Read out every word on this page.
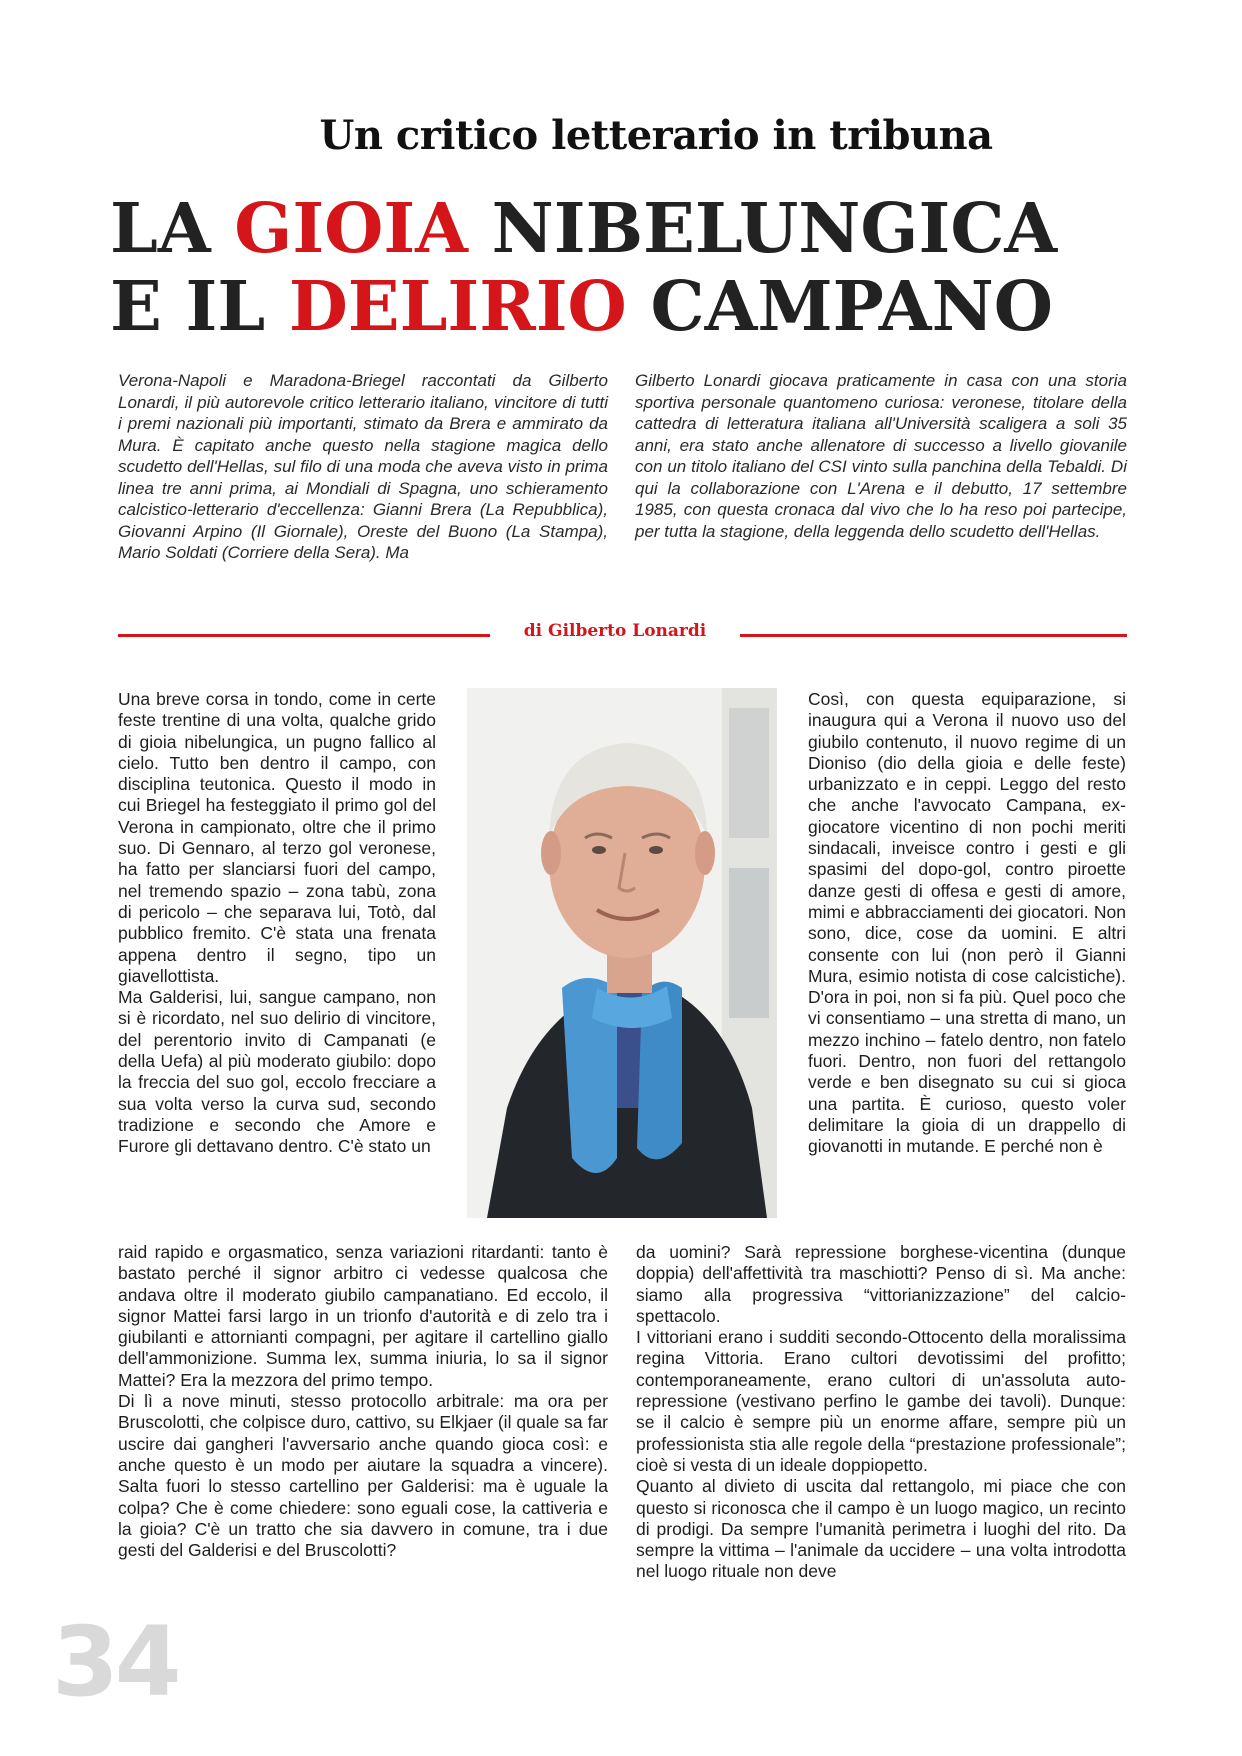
Un critico letterario in tribuna
LA GIOIA NIBELUNGICA
E IL DELIRIO CAMPANO
Verona-Napoli e Maradona-Briegel raccontati da Gilberto Lonardi, il più autorevole critico letterario italiano, vincitore di tutti i premi nazionali più importanti, stimato da Brera e ammirato da Mura. È capitato anche questo nella stagione magica dello scudetto dell'Hellas, sul filo di una moda che aveva visto in prima linea tre anni prima, ai Mondiali di Spagna, uno schieramento calcistico-letterario d'eccellenza: Gianni Brera (La Repubblica), Giovanni Arpino (Il Giornale), Oreste del Buono (La Stampa), Mario Soldati (Corriere della Sera). Ma
Gilberto Lonardi giocava praticamente in casa con una storia sportiva personale quantomeno curiosa: veronese, titolare della cattedra di letteratura italiana all'Università scaligera a soli 35 anni, era stato anche allenatore di successo a livello giovanile con un titolo italiano del CSI vinto sulla panchina della Tebaldi. Di qui la collaborazione con L'Arena e il debutto, 17 settembre 1985, con questa cronaca dal vivo che lo ha reso poi partecipe, per tutta la stagione, della leggenda dello scudetto dell'Hellas.
di Gilberto Lonardi

Una breve corsa in tondo, come in certe feste trentine di una volta, qualche grido di gioia nibelungica, un pugno fallico al cielo. Tutto ben dentro il campo, con disciplina teutonica. Questo il modo in cui Briegel ha festeggiato il primo gol del Verona in campionato, oltre che il primo suo. Di Gennaro, al terzo gol veronese, ha fatto per slanciarsi fuori del campo, nel tremendo spazio – zona tabù, zona di pericolo – che separava lui, Totò, dal pubblico fremito. C'è stata una frenata appena dentro il segno, tipo un giavellottista.

Ma Galderisi, lui, sangue campano, non si è ricordato, nel suo delirio di vincitore, del perentorio invito di Campanati (e della Uefa) al più moderato giubilo: dopo la freccia del suo gol, eccolo frecciare a sua volta verso la curva sud, secondo tradizione e secondo che Amore e Furore gli dettavano dentro. C'è stato un

raid rapido e orgasmatico, senza variazioni ritardanti: tanto è bastato perché il signor arbitro ci vedesse qualcosa che andava oltre il moderato giubilo campanatiano. Ed eccolo, il signor Mattei farsi largo in un trionfo d'autorità e di zelo tra i giubilanti e attornianti compagni, per agitare il cartellino giallo dell'ammonizione. Summa lex, summa iniuria, lo sa il signor Mattei? Era la mezzora del primo tempo.

Di lì a nove minuti, stesso protocollo arbitrale: ma ora per Bruscolotti, che colpisce duro, cattivo, su Elkjaer (il quale sa far uscire dai gangheri l'avversario anche quando gioca così: e anche questo è un modo per aiutare la squadra a vincere). Salta fuori lo stesso cartellino per Galderisi: ma è uguale la colpa? Che è come chiedere: sono eguali cose, la cattiveria e la gioia? C'è un tratto che sia davvero in comune, tra i due gesti del Galderisi e del Bruscolotti?

Così, con questa equiparazione, si inaugura qui a Verona il nuovo uso del giubilo contenuto, il nuovo regime di un Dioniso (dio della gioia e delle feste) urbanizzato e in ceppi. Leggo del resto che anche l'avvocato Campana, ex-giocatore vicentino di non pochi meriti sindacali, inveisce contro i gesti e gli spasimi del dopo-gol, contro piroette danze gesti di offesa e gesti di amore, mimi e abbracciamenti dei giocatori. Non sono, dice, cose da uomini. E altri consente con lui (non però il Gianni Mura, esimio notista di cose calcistiche). D'ora in poi, non si fa più. Quel poco che vi consentiamo – una stretta di mano, un mezzo inchino – fatelo dentro, non fatelo fuori. Dentro, non fuori del rettangolo verde e ben disegnato su cui si gioca una partita. È curioso, questo voler delimitare la gioia di un drappello di giovanotti in mutande. E perché non è

da uomini? Sarà repressione borghese-vicentina (dunque doppia) dell'affettività tra maschiotti? Penso di sì. Ma anche: siamo alla progressiva “vittorianizzazione” del calcio-spettacolo.

I vittoriani erano i sudditi secondo-Ottocento della moralissima regina Vittoria. Erano cultori devotissimi del profitto; contemporaneamente, erano cultori di un'assoluta auto-repressione (vestivano perfino le gambe dei tavoli). Dunque: se il calcio è sempre più un enorme affare, sempre più un professionista stia alle regole della “prestazione professionale”; cioè si vesta di un ideale doppiopetto.

Quanto al divieto di uscita dal rettangolo, mi piace che con questo si riconosca che il campo è un luogo magico, un recinto di prodigi. Da sempre l'umanità perimetra i luoghi del rito. Da sempre la vittima – l'animale da uccidere – una volta introdotta nel luogo rituale non deve

34
